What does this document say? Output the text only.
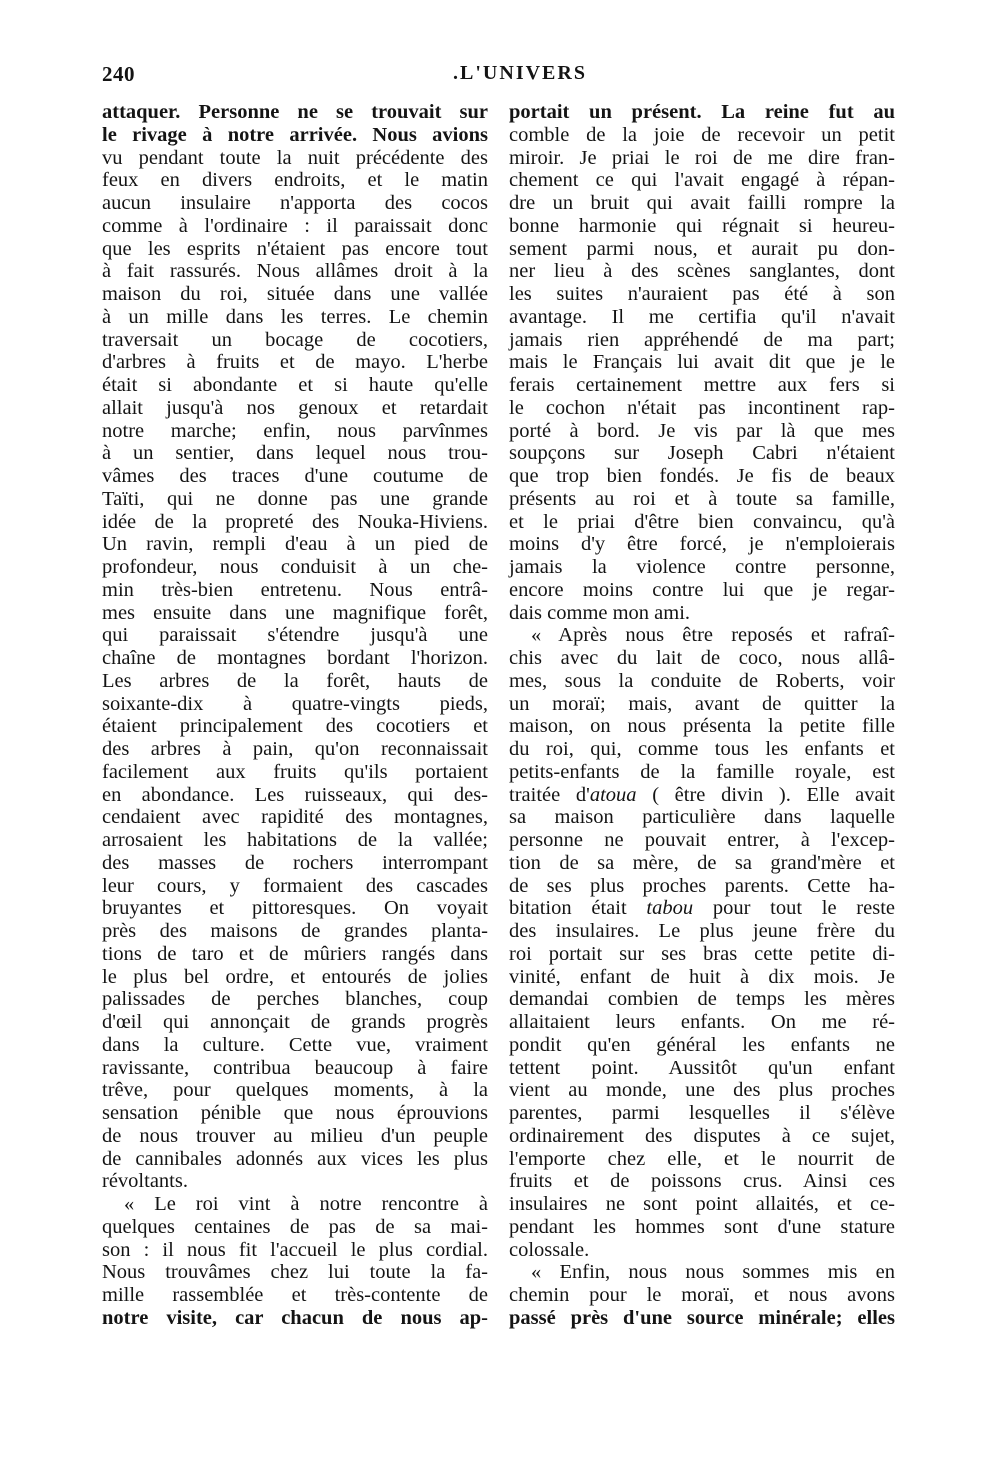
240	.L'UNIVERS
attaquer. Personne ne se trouvait sur
le rivage à notre arrivée. Nous avions
vu pendant toute la nuit précédente des
feux en divers endroits, et le matin
aucun insulaire n'apporta des cocos
comme à l'ordinaire : il paraissait donc
que les esprits n'étaient pas encore tout
à fait rassurés. Nous allâmes droit à la
maison du roi, située dans une vallée
à un mille dans les terres. Le chemin
traversait un bocage de cocotiers,
d'arbres à fruits et de mayo. L'herbe
était si abondante et si haute qu'elle
allait jusqu'à nos genoux et retardait
notre marche; enfin, nous parvînmes
à un sentier, dans lequel nous trou-
vâmes des traces d'une coutume de
Taïti, qui ne donne pas une grande
idée de la propreté des Nouka-Hiviens.
Un ravin, rempli d'eau à un pied de
profondeur, nous conduisit à un che-
min très-bien entretenu. Nous entrâ-
mes ensuite dans une magnifique forêt,
qui paraissait s'étendre jusqu'à une
chaîne de montagnes bordant l'horizon.
Les arbres de la forêt, hauts de
soixante-dix à quatre-vingts pieds,
étaient principalement des cocotiers et
des arbres à pain, qu'on reconnaissait
facilement aux fruits qu'ils portaient
en abondance. Les ruisseaux, qui des-
cendaient avec rapidité des montagnes,
arrosaient les habitations de la vallée;
des masses de rochers interrompant
leur cours, y formaient des cascades
bruyantes et pittoresques. On voyait
près des maisons de grandes planta-
tions de taro et de mûriers rangés dans
le plus bel ordre, et entourés de jolies
palissades de perches blanches, coup
d'œil qui annonçait de grands progrès
dans la culture. Cette vue, vraiment
ravissante, contribua beaucoup à faire
trêve, pour quelques moments, à la
sensation pénible que nous éprouvions
de nous trouver au milieu d'un peuple
de cannibales adonnés aux vices les plus
révoltants.
« Le roi vint à notre rencontre à
quelques centaines de pas de sa mai-
son : il nous fit l'accueil le plus cordial.
Nous trouvâmes chez lui toute la fa-
mille rassemblée et très-contente de
notre visite, car chacun de nous ap-
portait un présent. La reine fut au
comble de la joie de recevoir un petit
miroir. Je priai le roi de me dire fran-
chement ce qui l'avait engagé à répan-
dre un bruit qui avait failli rompre la
bonne harmonie qui régnait si heureu-
sement parmi nous, et aurait pu don-
ner lieu à des scènes sanglantes, dont
les suites n'auraient pas été à son
avantage. Il me certifia qu'il n'avait
jamais rien appréhendé de ma part;
mais le Français lui avait dit que je le
ferais certainement mettre aux fers si
le cochon n'était pas incontinent rap-
porté à bord. Je vis par là que mes
soupçons sur Joseph Cabri n'étaient
que trop bien fondés. Je fis de beaux
présents au roi et à toute sa famille,
et le priai d'être bien convaincu, qu'à
moins d'y être forcé, je n'emploierais
jamais la violence contre personne,
encore moins contre lui que je regar-
dais comme mon ami.
« Après nous être reposés et rafraî-
chis avec du lait de coco, nous allâ-
mes, sous la conduite de Roberts, voir
un moraï; mais, avant de quitter la
maison, on nous présenta la petite fille
du roi, qui, comme tous les enfants et
petits-enfants de la famille royale, est
traitée d'atoua ( être divin ). Elle avait
sa maison particulière dans laquelle
personne ne pouvait entrer, à l'excep-
tion de sa mère, de sa grand'mère et
de ses plus proches parents. Cette ha-
bitation était tabou pour tout le reste
des insulaires. Le plus jeune frère du
roi portait sur ses bras cette petite di-
vinité, enfant de huit à dix mois. Je
demandai combien de temps les mères
allaitaient leurs enfants. On me ré-
pondit qu'en général les enfants ne
tettent point. Aussitôt qu'un enfant
vient au monde, une des plus proches
parentes, parmi lesquelles il s'élève
ordinairement des disputes à ce sujet,
l'emporte chez elle, et le nourrit de
fruits et de poissons crus. Ainsi ces
insulaires ne sont point allaités, et ce-
pendant les hommes sont d'une stature
colossale.
« Enfin, nous nous sommes mis en
chemin pour le moraï, et nous avons
passé près d'une source minérale; elles
